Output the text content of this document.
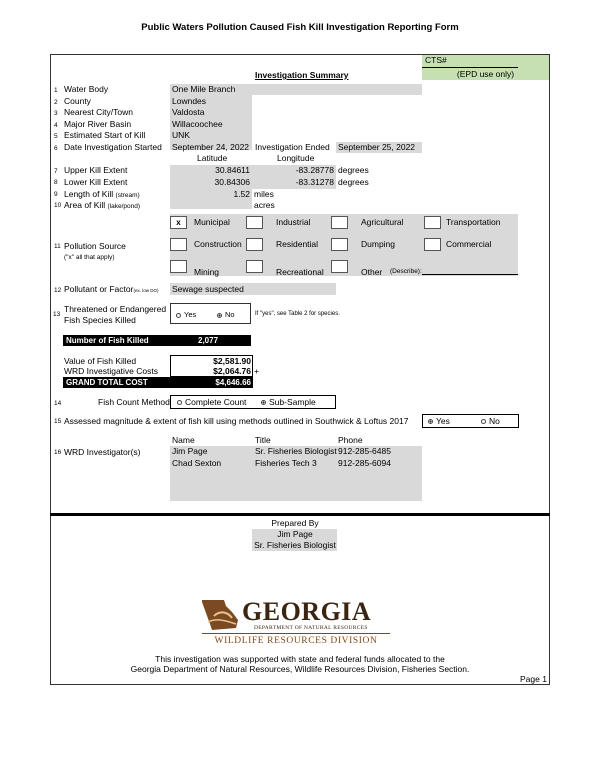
Public Waters Pollution Caused Fish Kill Investigation Reporting Form
CTS#
(EPD use only)
Investigation Summary
1 Water Body	One Mile Branch
2 County	Lowndes
3 Nearest City/Town	Valdosta
4 Major River Basin	Willacoochee
5 Estimated Start of Kill	UNK
6 Date Investigation Started September 24, 2022 Investigation Ended September 25, 2022
Latitude	Longitude
7 Upper Kill Extent	30.84611	-83.28778 degrees
8 Lower Kill Extent	30.84306	-83.31278 degrees
9 Length of Kill (stream)	1.52 miles
10 Area of Kill (lake/pond)	acres
11 Pollution Source
("x" all that apply)
x	Municipal	Industrial	Agricultural	Transportation
Construction	Residential	Dumping	Commercial
Mining	Recreational	Other (Describe):
12 Pollutant or Factor(ex. low DO) Sewage suspected
13
Threatened or Endangered
Fish Species Killed
Yes	No	If "yes", see Table 2 for species.
Number of Fish Killed	2,077
Value of Fish Killed	$2,581.90
WRD Investigative Costs	$2,064.76 +
GRAND TOTAL COST	$4,646.66
14	Fish Count Method	Complete Count	Sub-Sample
15 Assessed magnitude & extent of fish kill using methods outlined in Southwick & Loftus 2017	Yes	No
16 WRD Investigator(s)
Name	Title	Phone
Jim Page	Sr. Fisheries Biologist 912-285-6485
Chad Sexton	Fisheries Tech 3	912-285-6094
Prepared By
Jim Page
Sr. Fisheries Biologist
GEORGIA
DEPARTMENT OF NATURAL RESOURCES
WILDLIFE RESOURCES DIVISION
This investigation was supported with state and federal funds allocated to the
Georgia Department of Natural Resources, Wildlife Resources Division, Fisheries Section.
Page 1
